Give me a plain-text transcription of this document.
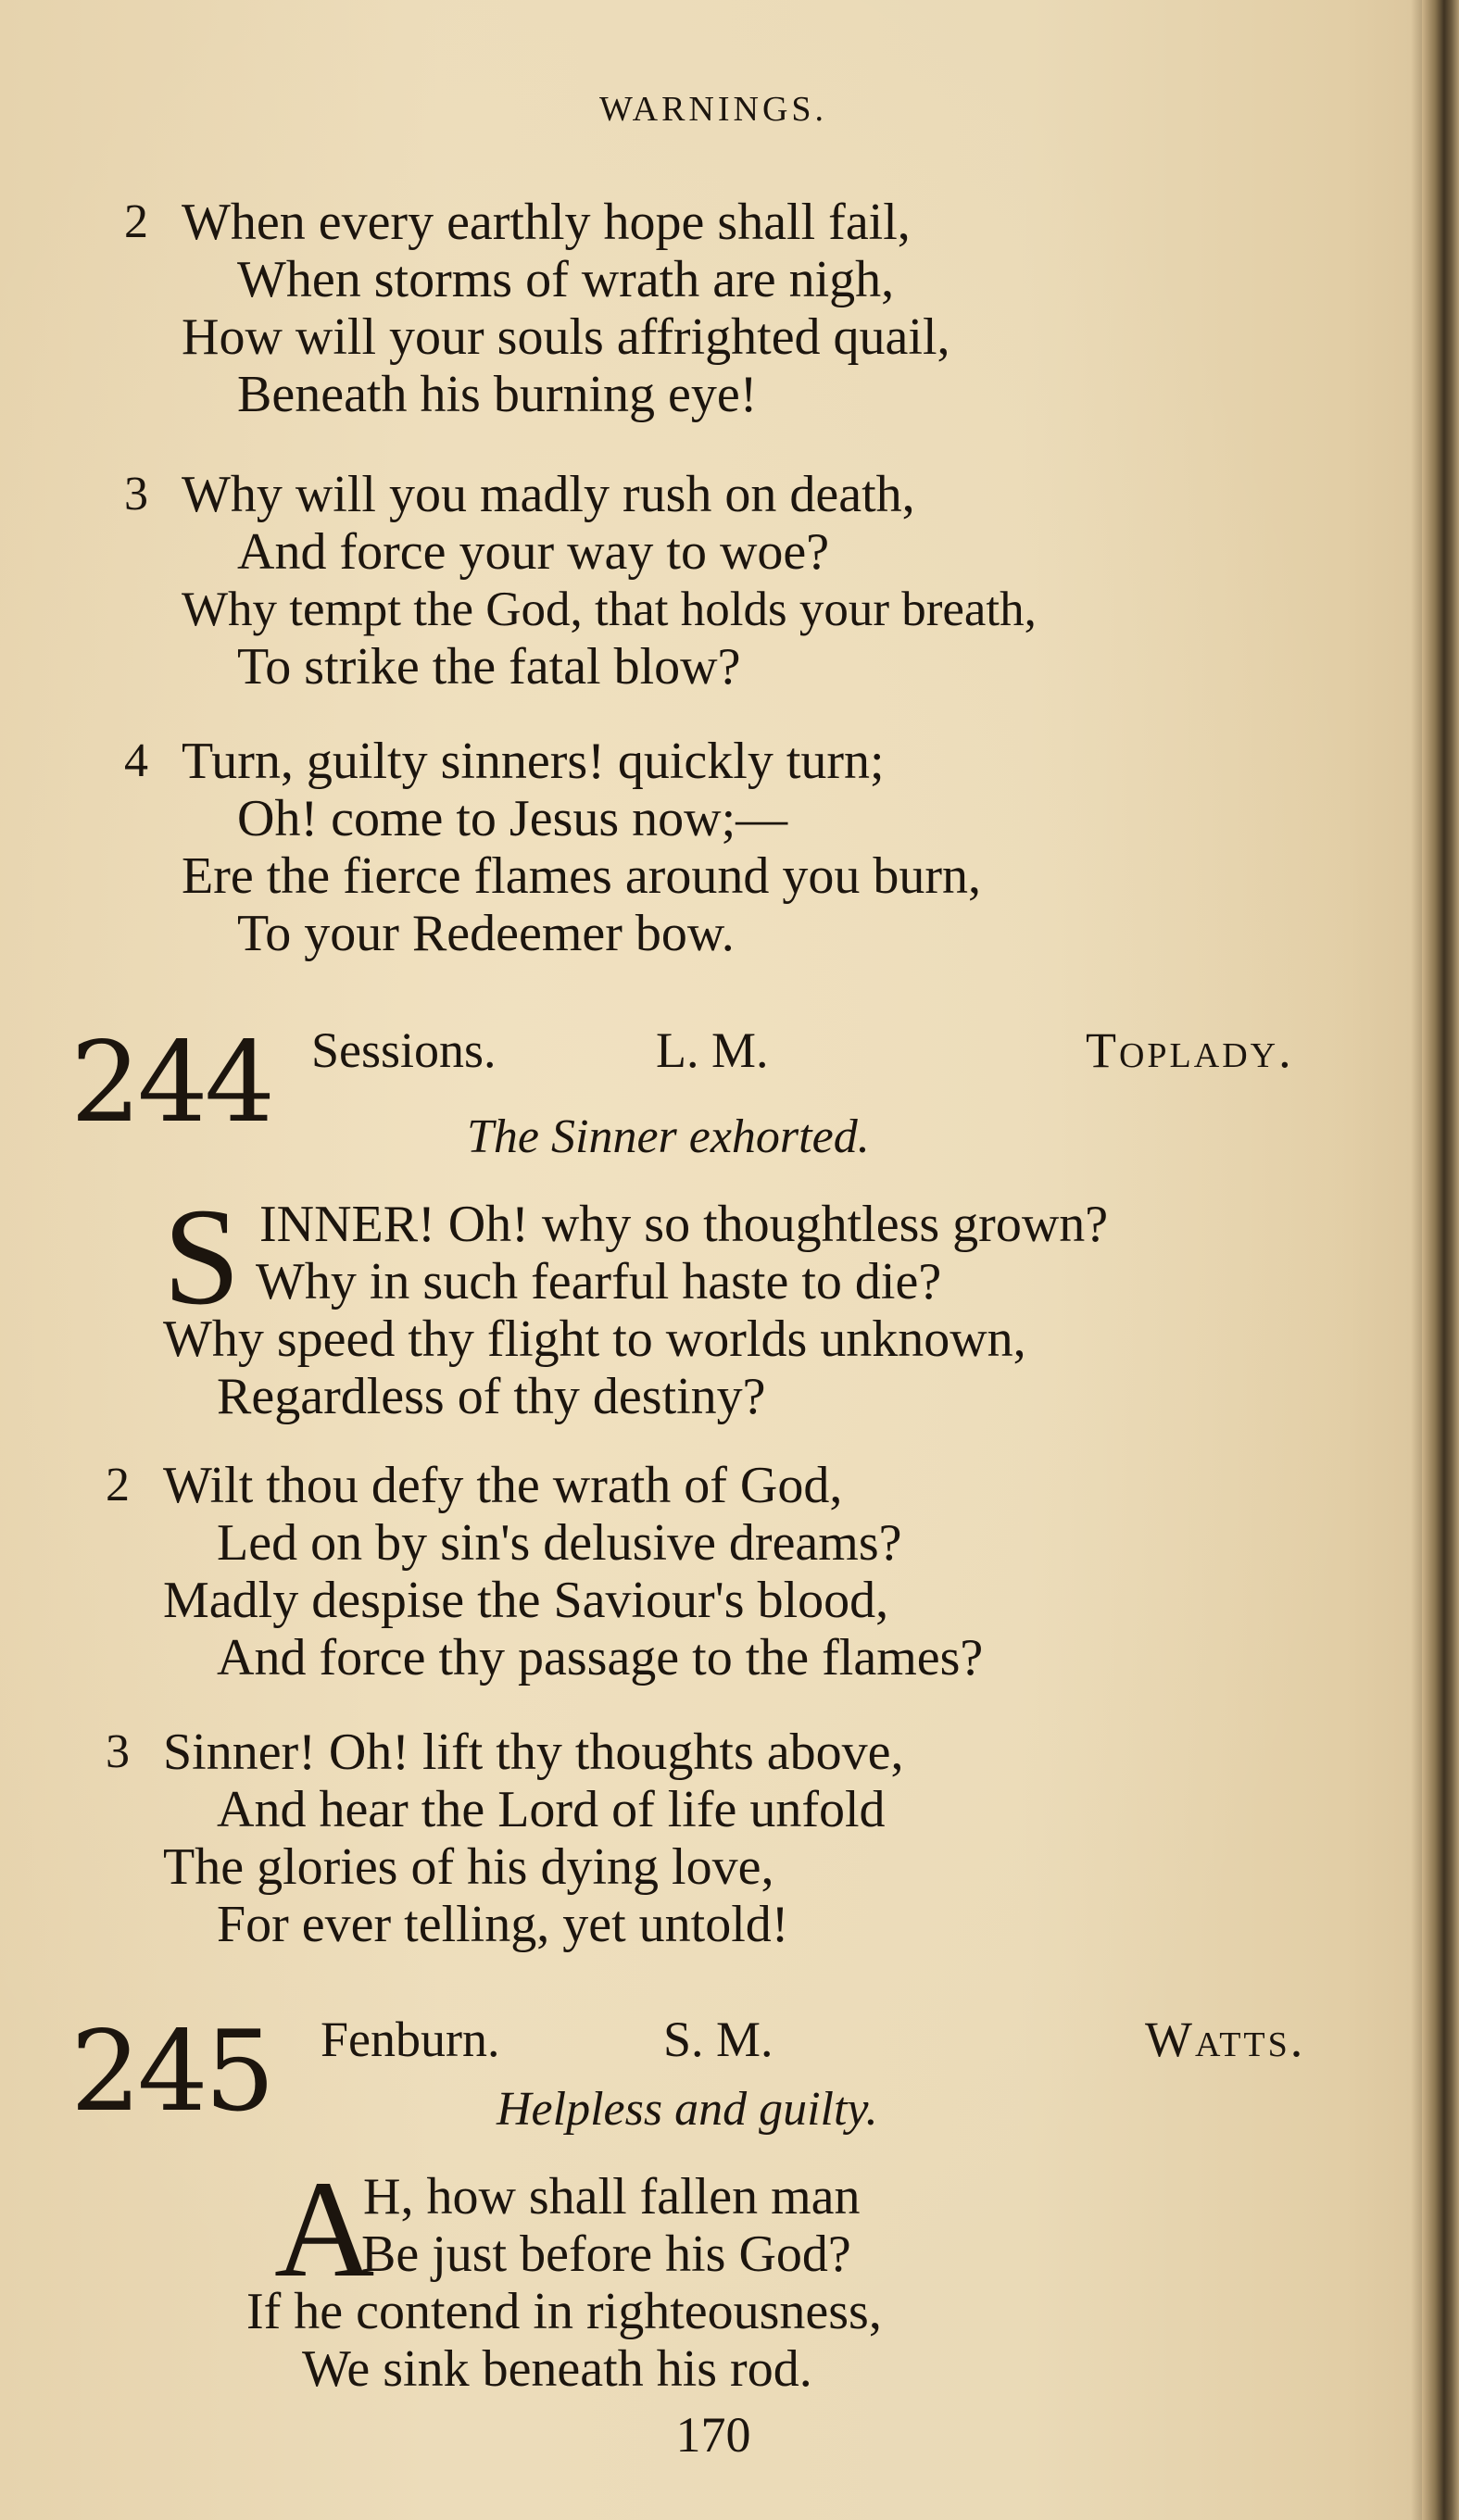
WARNINGS.
2 When every earthly hope shall fail,
When storms of wrath are nigh,
How will your souls affrighted quail,
Beneath his burning eye!
3 Why will you madly rush on death,
And force your way to woe?
Why tempt the God, that holds your breath,
To strike the fatal blow?
4 Turn, guilty sinners! quickly turn;
Oh! come to Jesus now;—
Ere the fierce flames around you burn,
To your Redeemer bow.
244 Sessions.	L. M.	Toplady.
The Sinner exhorted.
S INNER! Oh! why so thoughtless grown?
Why in such fearful haste to die?
Why speed thy flight to worlds unknown,
Regardless of thy destiny?
2 Wilt thou defy the wrath of God,
Led on by sin's delusive dreams?
Madly despise the Saviour's blood,
And force thy passage to the flames?
3 Sinner! Oh! lift thy thoughts above,
And hear the Lord of life unfold
The glories of his dying love,
For ever telling, yet untold!
245 Fenburn.	S. M.	Watts.
Helpless and guilty.
A
H, how shall fallen man
Be just before his God?
If he contend in righteousness,
We sink beneath his rod.
170
